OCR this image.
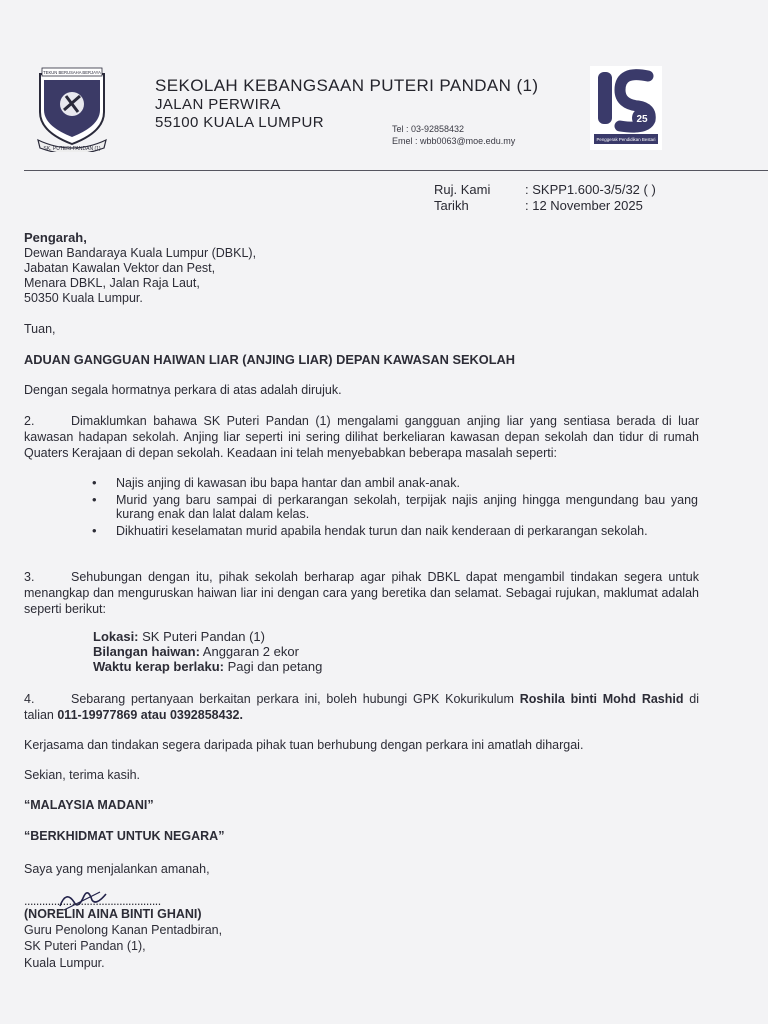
TEKUN BERUSAHA BERJAYA
SK. PUTERI PANDAN (1)
SEKOLAH KEBANGSAAN PUTERI PANDAN (1)
JALAN PERWIRA
55100 KUALA LUMPUR	Tel : 03-92858432
Emel : wbb0063@moe.edu.my
25
Penggerak Pendidikan Bestari
Ruj. Kami	: SKPP1.600-3/5/32 ( )
Tarikh	: 12 November 2025
Pengarah,
Dewan Bandaraya Kuala Lumpur (DBKL),
Jabatan Kawalan Vektor dan Pest,
Menara DBKL, Jalan Raja Laut,
50350 Kuala Lumpur.
Tuan,
ADUAN GANGGUAN HAIWAN LIAR (ANJING LIAR) DEPAN KAWASAN SEKOLAH
Dengan segala hormatnya perkara di atas adalah dirujuk.
2.	Dimaklumkan bahawa SK Puteri Pandan (1) mengalami gangguan anjing liar yang sentiasa berada di luar kawasan hadapan sekolah. Anjing liar seperti ini sering dilihat berkeliaran kawasan depan sekolah dan tidur di rumah Quaters Kerajaan di depan sekolah. Keadaan ini telah menyebabkan beberapa masalah seperti:
• Najis anjing di kawasan ibu bapa hantar dan ambil anak-anak.
• Murid yang baru sampai di perkarangan sekolah, terpijak najis anjing hingga mengundang bau yang kurang enak dan lalat dalam kelas.
• Dikhuatiri keselamatan murid apabila hendak turun dan naik kenderaan di perkarangan sekolah.
3.	Sehubungan dengan itu, pihak sekolah berharap agar pihak DBKL dapat mengambil tindakan segera untuk menangkap dan menguruskan haiwan liar ini dengan cara yang beretika dan selamat. Sebagai rujukan, maklumat adalah seperti berikut:
Lokasi: SK Puteri Pandan (1)
Bilangan haiwan: Anggaran 2 ekor
Waktu kerap berlaku: Pagi dan petang
4.	Sebarang pertanyaan berkaitan perkara ini, boleh hubungi GPK Kokurikulum Roshila binti Mohd Rashid di talian 011-19977869 atau 0392858432.
Kerjasama dan tindakan segera daripada pihak tuan berhubung dengan perkara ini amatlah dihargai.
Sekian, terima kasih.
“MALAYSIA MADANI”
“BERKHIDMAT UNTUK NEGARA”
Saya yang menjalankan amanah,
..............................................
(NORELIN AINA BINTI GHANI)
Guru Penolong Kanan Pentadbiran,
SK Puteri Pandan (1),
Kuala Lumpur.
